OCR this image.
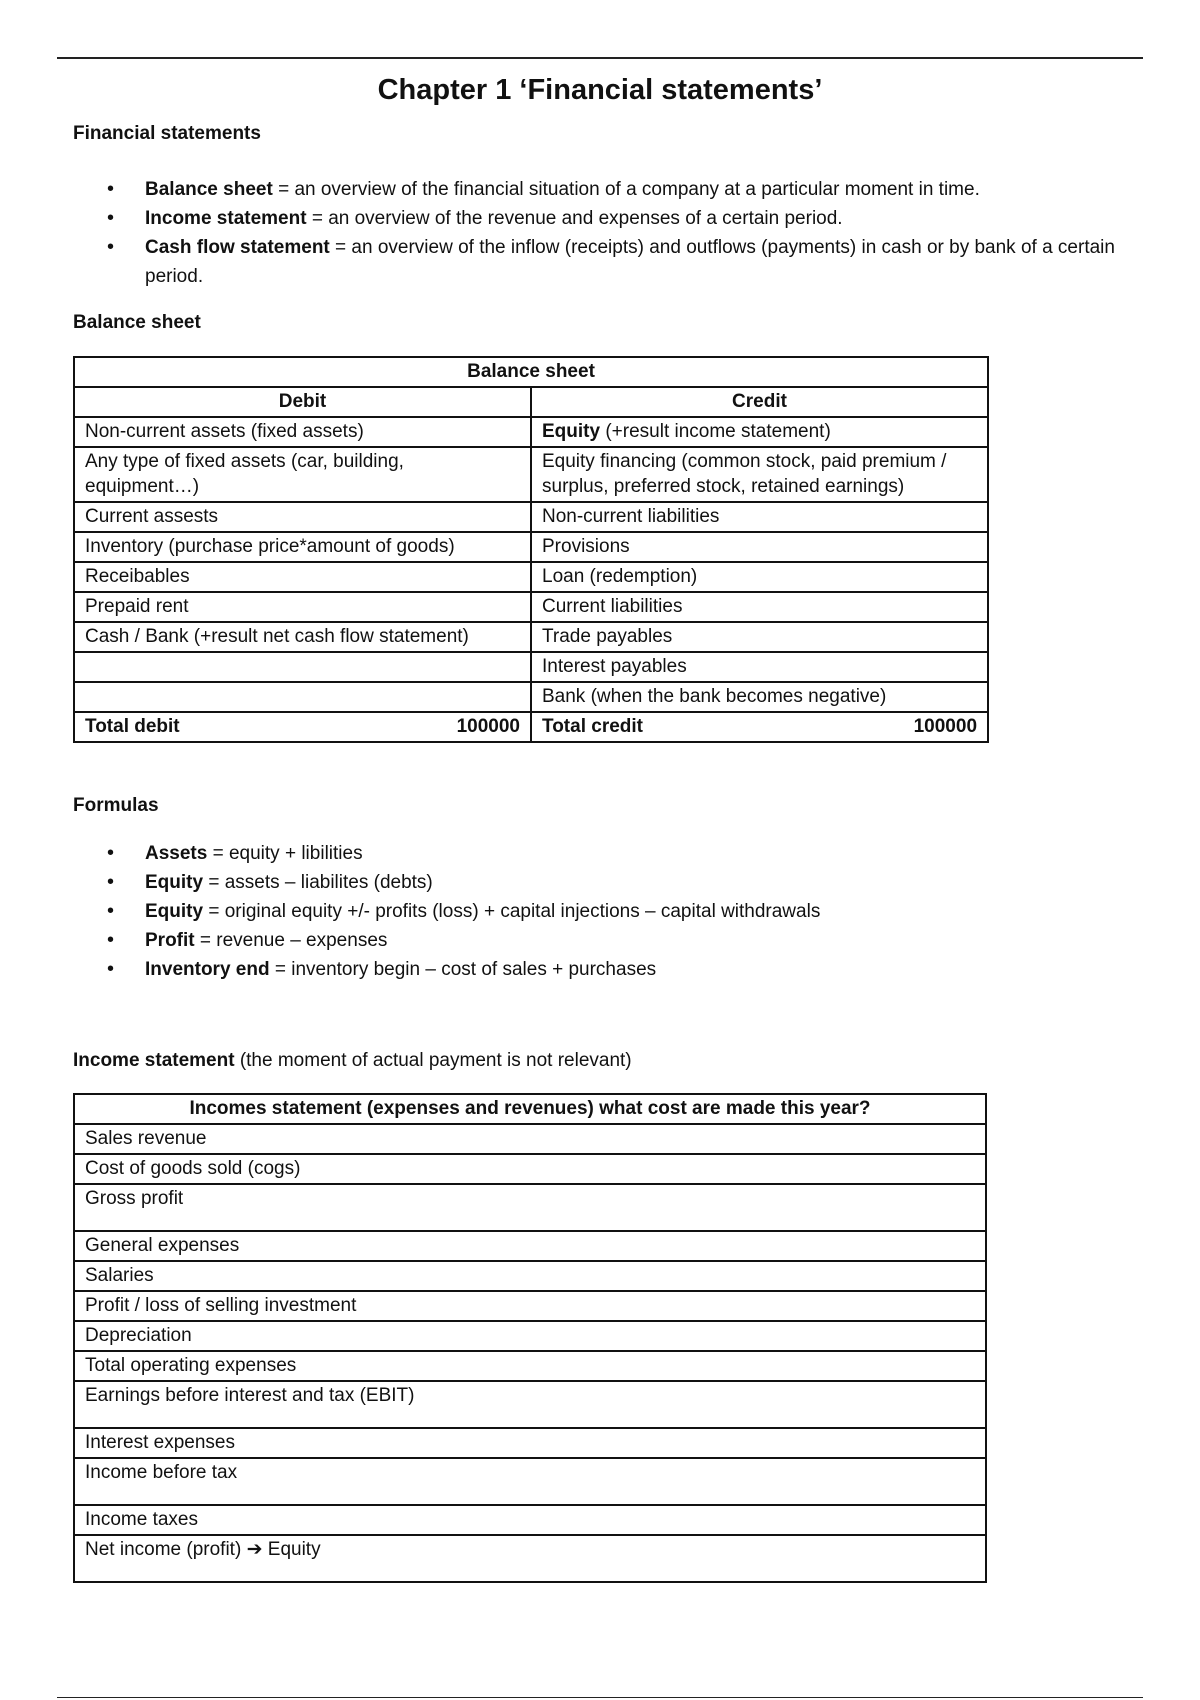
Chapter 1 ‘Financial statements’

Financial statements

• Balance sheet = an overview of the financial situation of a company at a particular moment in time.
• Income statement = an overview of the revenue and expenses of a certain period.
• Cash flow statement = an overview of the inflow (receipts) and outflows (payments) in cash or by bank of a certain period.

Balance sheet

Balance sheet	
Debit	Credit
Non-current assets (fixed assets)	Equity (+result income statement)
Any type of fixed assets (car, building, equipment…)	Equity financing (common stock, paid premium / surplus, preferred stock, retained earnings)
Current assests	Non-current liabilities
Inventory (purchase price*amount of goods)	Provisions
Receibables	Loan (redemption)
Prepaid rent	Current liabilities
Cash / Bank (+result net cash flow statement)	Trade payables
	Interest payables
	Bank (when the bank becomes negative)

Total debit 100000	Total credit 100000

Formulas

• Assets = equity + libilities
• Equity = assets – liabilites (debts)
• Equity = original equity +/- profits (loss) + capital injections – capital withdrawals
• Profit = revenue – expenses
• Inventory end = inventory begin – cost of sales + purchases

Income statement (the moment of actual payment is not relevant)

Incomes statement (expenses and revenues) what cost are made this year?
Sales revenue
Cost of goods sold (cogs)
Gross profit
General expenses
Salaries
Profit / loss of selling investment
Depreciation
Total operating expenses
Earnings before interest and tax (EBIT)
Interest expenses
Income before tax
Income taxes
Net income (profit) ➔ Equity
